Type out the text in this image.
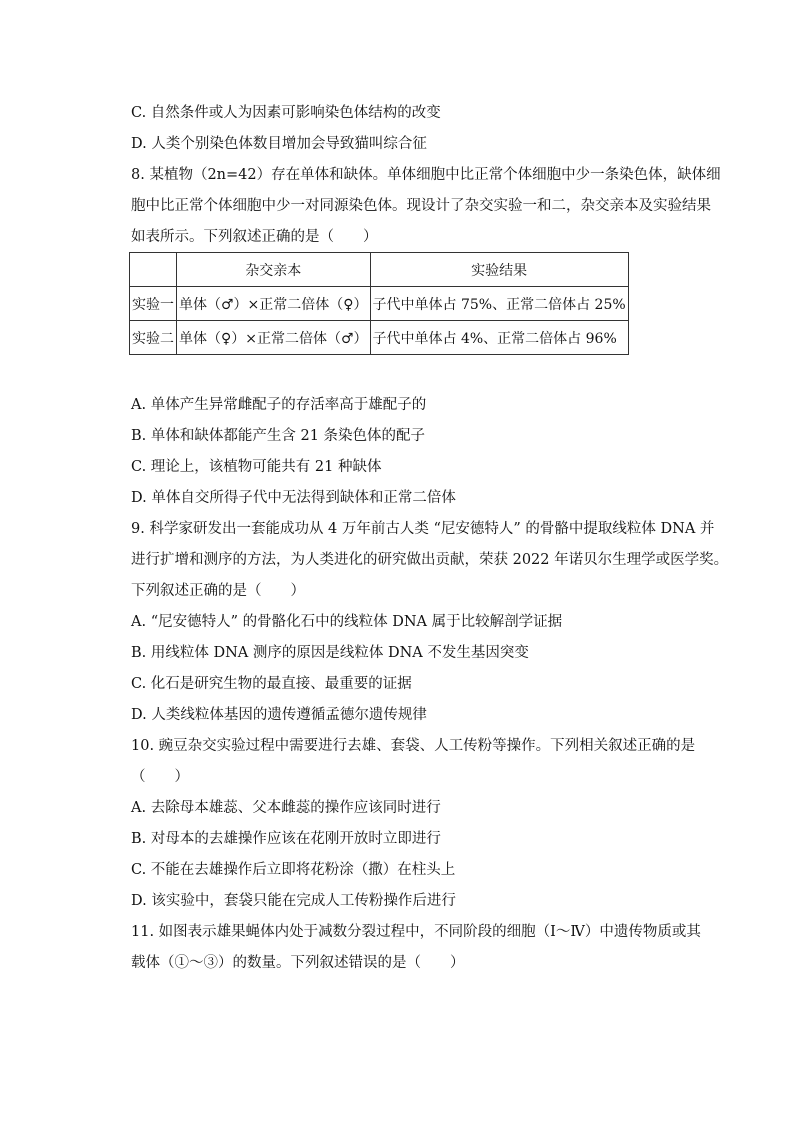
C. 自然条件或人为因素可影响染色体结构的改变
D. 人类个别染色体数目增加会导致猫叫综合征
8. 某植物（2n=42）存在单体和缺体。单体细胞中比正常个体细胞中少一条染色体，缺体细
胞中比正常个体细胞中少一对同源染色体。现设计了杂交实验一和二，杂交亲本及实验结果
如表所示。下列叙述正确的是（　　）
	杂交亲本	实验结果
实验一	单体（♂）×正常二倍体（♀）	子代中单体占 75%、正常二倍体占 25%
实验二	单体（♀）×正常二倍体（♂）	子代中单体占 4%、正常二倍体占 96%
A. 单体产生异常雌配子的存活率高于雄配子的
B. 单体和缺体都能产生含 21 条染色体的配子
C. 理论上，该植物可能共有 21 种缺体
D. 单体自交所得子代中无法得到缺体和正常二倍体
9. 科学家研发出一套能成功从 4 万年前古人类 “尼安德特人” 的骨骼中提取线粒体 DNA 并
进行扩增和测序的方法，为人类进化的研究做出贡献，荣获 2022 年诺贝尔生理学或医学奖。
下列叙述正确的是（　　）
A. “尼安德特人” 的骨骼化石中的线粒体 DNA 属于比较解剖学证据
B. 用线粒体 DNA 测序的原因是线粒体 DNA 不发生基因突变
C. 化石是研究生物的最直接、最重要的证据
D. 人类线粒体基因的遗传遵循孟德尔遗传规律
10. 豌豆杂交实验过程中需要进行去雄、套袋、人工传粉等操作。下列相关叙述正确的是
（　　）
A. 去除母本雄蕊、父本雌蕊的操作应该同时进行
B. 对母本的去雄操作应该在花刚开放时立即进行
C. 不能在去雄操作后立即将花粉涂（撒）在柱头上
D. 该实验中，套袋只能在完成人工传粉操作后进行
11. 如图表示雄果蝇体内处于减数分裂过程中，不同阶段的细胞（Ⅰ～Ⅳ）中遗传物质或其
载体（①～③）的数量。下列叙述错误的是（　　）
